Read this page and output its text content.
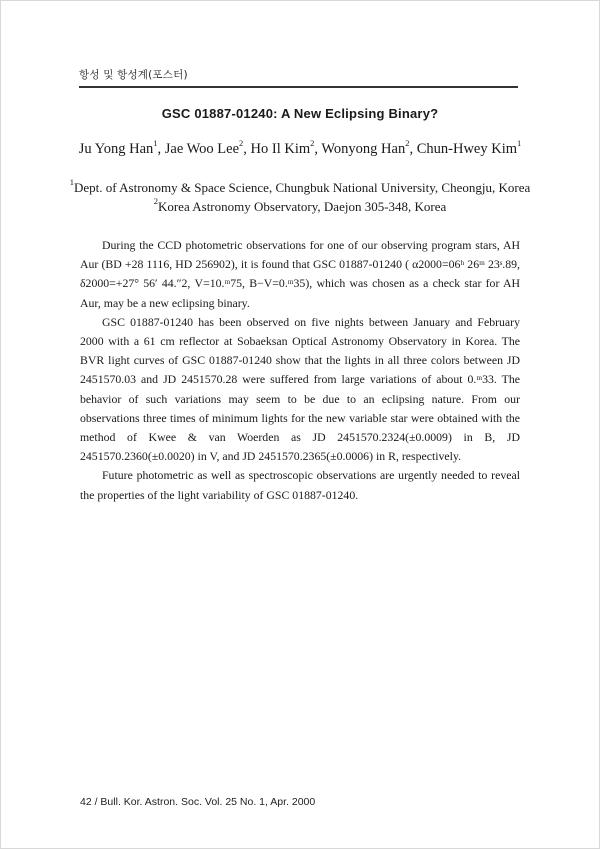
항성 및 항성계(포스터)
GSC 01887-01240: A New Eclipsing Binary?
Ju Yong Han$^1$, Jae Woo Lee$^2$, Ho Il Kim$^2$, Wonyong Han$^2$, Chun-Hwey Kim$^1$
$^1$Dept. of Astronomy & Space Science, Chungbuk National University, Cheongju, Korea
$^2$Korea Astronomy Observatory, Daejon 305-348, Korea

During the CCD photometric observations for one of our observing program stars, AH Aur (BD +28 1116, HD 256902), it is found that GSC 01887-01240 ( α2000=06ʰ 26ᵐ 23ˢ.89, δ2000=+27° 56′ 44.″2, V=10.ᵐ75, B−V=0.ᵐ35), which was chosen as a check star for AH Aur, may be a new eclipsing binary.

GSC 01887-01240 has been observed on five nights between January and February 2000 with a 61 cm reflector at Sobaeksan Optical Astronomy Observatory in Korea. The BVR light curves of GSC 01887-01240 show that the lights in all three colors between JD 2451570.03 and JD 2451570.28 were suffered from large variations of about 0.ᵐ33. The behavior of such variations may seem to be due to an eclipsing nature. From our observations three times of minimum lights for the new variable star were obtained with the method of Kwee & van Woerden as JD 2451570.2324(±0.0009) in B, JD 2451570.2360(±0.0020) in V, and JD 2451570.2365(±0.0006) in R, respectively.

Future photometric as well as spectroscopic observations are urgently needed to reveal the properties of the light variability of GSC 01887-01240.

42 / Bull. Kor. Astron. Soc. Vol. 25 No. 1, Apr. 2000
